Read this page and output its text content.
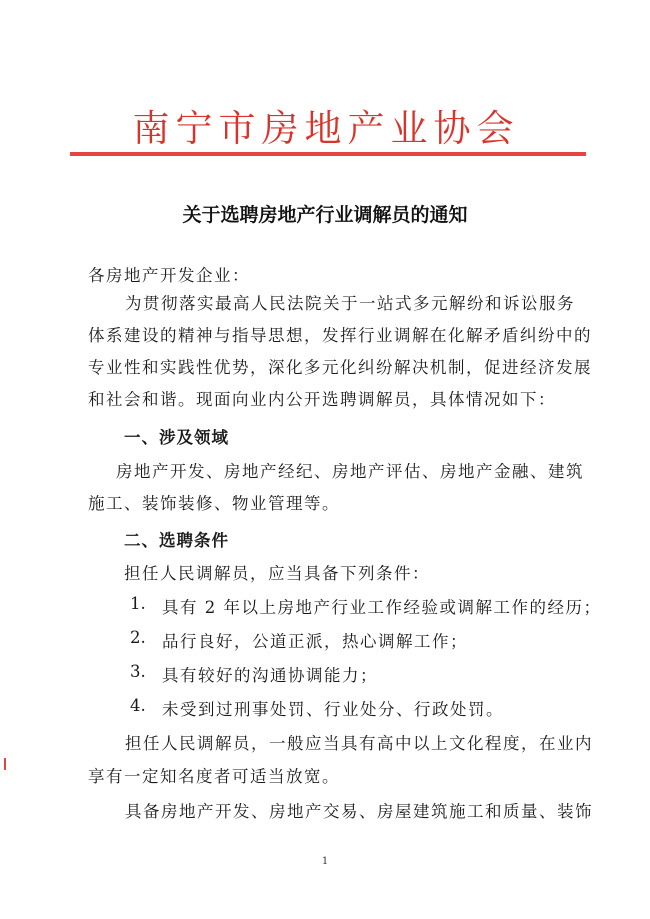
南宁市房地产业协会
关于选聘房地产行业调解员的通知
各房地产开发企业：
为贯彻落实最高人民法院关于一站式多元解纷和诉讼服务
体系建设的精神与指导思想，发挥行业调解在化解矛盾纠纷中的
专业性和实践性优势，深化多元化纠纷解决机制，促进经济发展
和社会和谐。现面向业内公开选聘调解员，具体情况如下：
一、涉及领域
房地产开发、房地产经纪、房地产评估、房地产金融、建筑
施工、装饰装修、物业管理等。
二、选聘条件
担任人民调解员，应当具备下列条件：
1. 具有 2 年以上房地产行业工作经验或调解工作的经历；
2. 品行良好，公道正派，热心调解工作；
3. 具有较好的沟通协调能力；
4. 未受到过刑事处罚、行业处分、行政处罚。
担任人民调解员，一般应当具有高中以上文化程度，在业内
享有一定知名度者可适当放宽。
具备房地产开发、房地产交易、房屋建筑施工和质量、装饰
1
